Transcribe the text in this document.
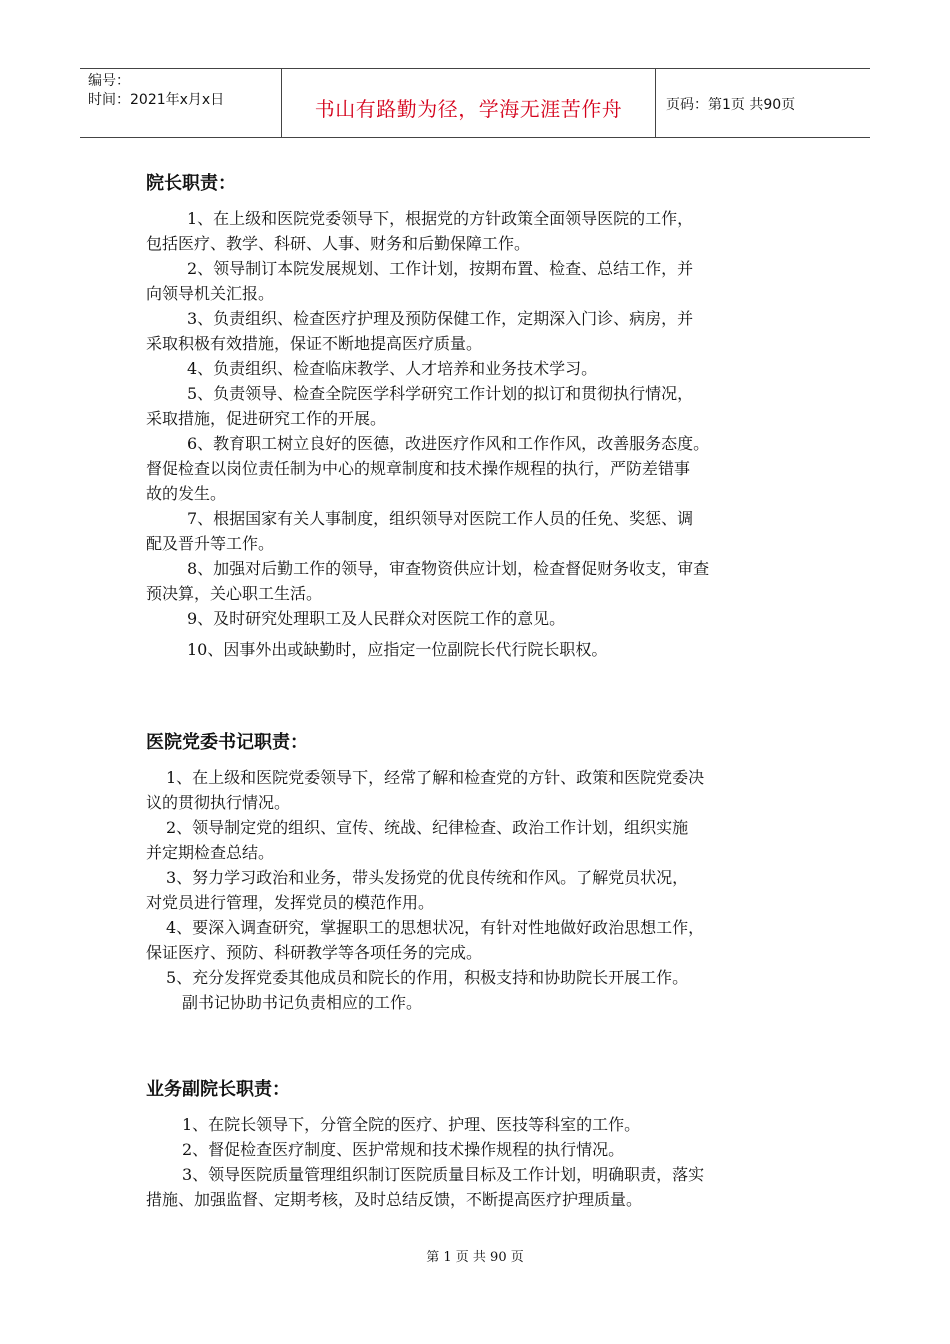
编号：
时间：2021年x月x日	书山有路勤为径，学海无涯苦作舟	页码：第1页 共90页
院长职责：
1、在上级和医院党委领导下，根据党的方针政策全面领导医院的工作，
包括医疗、教学、科研、人事、财务和后勤保障工作。
2、领导制订本院发展规划、工作计划，按期布置、检查、总结工作，并
向领导机关汇报。
3、负责组织、检查医疗护理及预防保健工作，定期深入门诊、病房，并
采取积极有效措施，保证不断地提高医疗质量。
4、负责组织、检查临床教学、人才培养和业务技术学习。
5、负责领导、检查全院医学科学研究工作计划的拟订和贯彻执行情况，
采取措施，促进研究工作的开展。
6、教育职工树立良好的医德，改进医疗作风和工作作风，改善服务态度。
督促检查以岗位责任制为中心的规章制度和技术操作规程的执行，严防差错事
故的发生。
7、根据国家有关人事制度，组织领导对医院工作人员的任免、奖惩、调
配及晋升等工作。
8、加强对后勤工作的领导，审查物资供应计划，检查督促财务收支，审查
预决算，关心职工生活。
9、及时研究处理职工及人民群众对医院工作的意见。
10、因事外出或缺勤时，应指定一位副院长代行院长职权。
医院党委书记职责：
1、在上级和医院党委领导下，经常了解和检查党的方针、政策和医院党委决
议的贯彻执行情况。
2、领导制定党的组织、宣传、统战、纪律检查、政治工作计划，组织实施
并定期检查总结。
3、努力学习政治和业务，带头发扬党的优良传统和作风。了解党员状况，
对党员进行管理，发挥党员的模范作用。
4、要深入调查研究，掌握职工的思想状况，有针对性地做好政治思想工作，
保证医疗、预防、科研教学等各项任务的完成。
5、充分发挥党委其他成员和院长的作用，积极支持和协助院长开展工作。
副书记协助书记负责相应的工作。
业务副院长职责：
1、在院长领导下，分管全院的医疗、护理、医技等科室的工作。
2、督促检查医疗制度、医护常规和技术操作规程的执行情况。
3、领导医院质量管理组织制订医院质量目标及工作计划，明确职责，落实
措施、加强监督、定期考核，及时总结反馈，不断提高医疗护理质量。
第 1 页 共 90 页
